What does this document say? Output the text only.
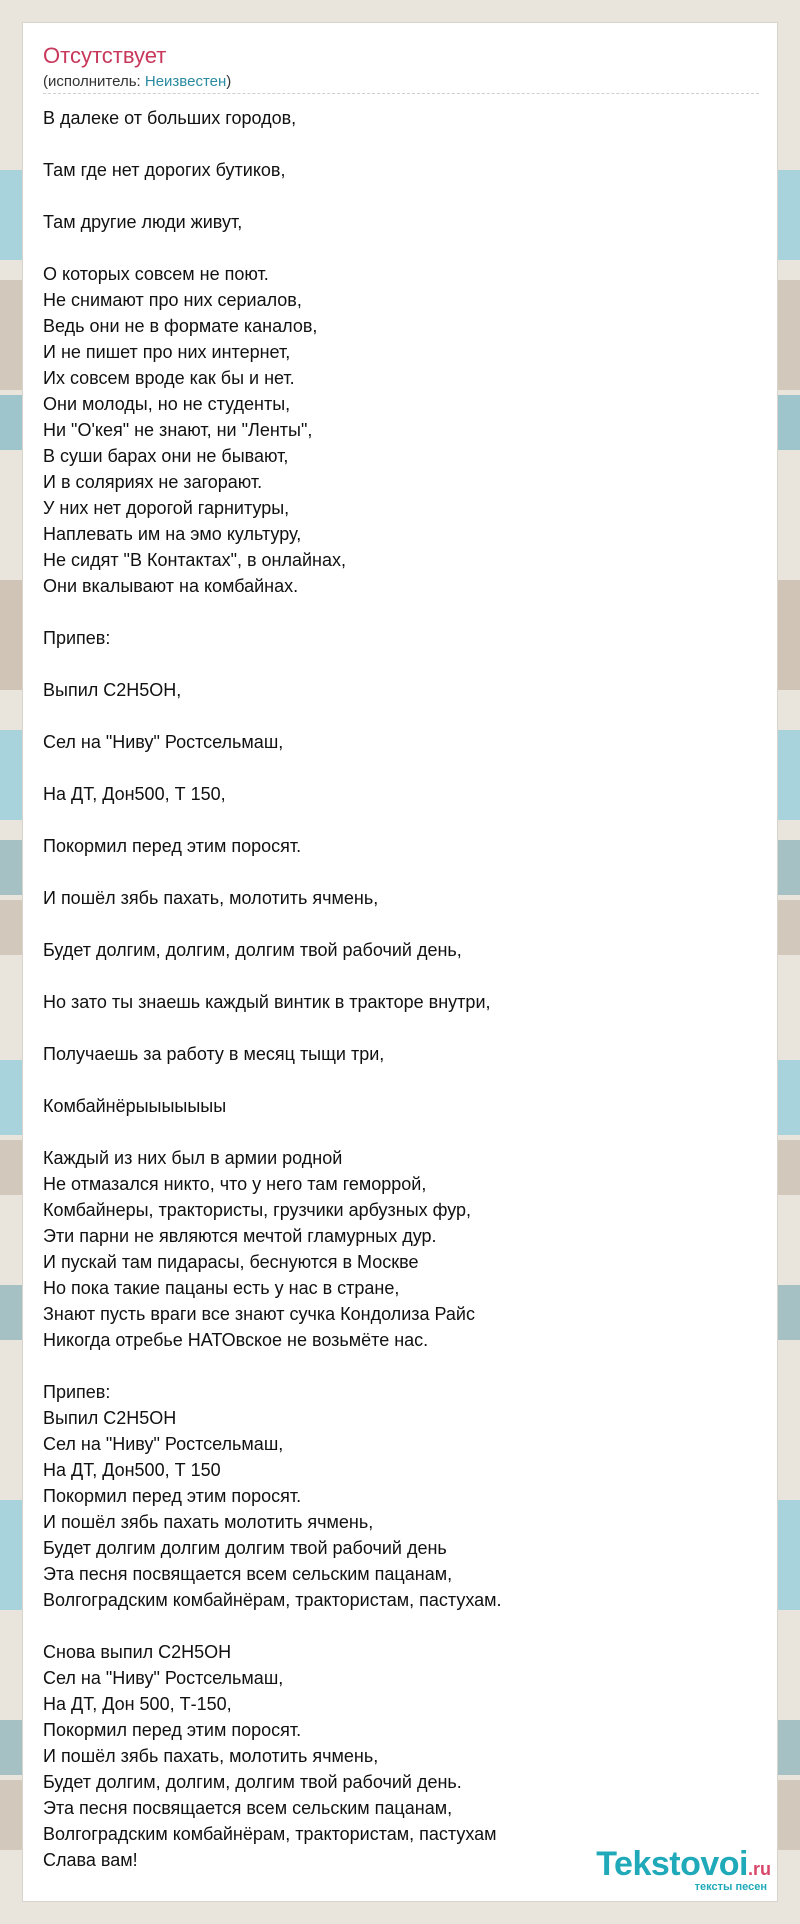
Отсутствует
(исполнитель: Неизвестен)
В далеке от больших городов,
Там где нет дорогих бутиков,
Там другие люди живут,
О которых совсем не поют.
Не снимают про них сериалов,
Ведь они не в формате каналов,
И не пишет про них интернет,
Их совсем вроде как бы и нет.
Они молоды, но не студенты,
Ни "О'кея" не знают, ни "Ленты",
В суши барах они не бывают,
И в соляриях не загорают.
У них нет дорогой гарнитуры,
Наплевать им на эмо культуру,
Не сидят "В Контактах", в онлайнах,
Они вкалывают на комбайнах.
Припев:
Выпил C2H5OH,
Сел на "Ниву" Ростсельмаш,
На ДТ, Дон500, Т 150,
Покормил перед этим поросят.
И пошёл зябь пахать, молотить ячмень,
Будет долгим, долгим, долгим твой рабочий день,
Но зато ты знаешь каждый винтик в тракторе внутри,
Получаешь за работу в месяц тыщи три,
Комбайнёрыыыыыыы
Каждый из них был в армии родной
Не отмазался никто, что у него там геморрой,
Комбайнеры, трактористы, грузчики арбузных фур,
Эти парни не являются мечтой гламурных дур.
И пускай там пидарасы, беснуются в Москве
Но пока такие пацаны есть у нас в стране,
Знают пусть враги все знают сучка Кондолиза Райс
Никогда отребье НАТОвское не возьмёте нас.
Припев:
Выпил C2H5OH
Сел на "Ниву" Ростсельмаш,
На ДТ, Дон500, Т 150
Покормил перед этим поросят.
И пошёл зябь пахать молотить ячмень,
Будет долгим долгим долгим твой рабочий день
Эта песня посвящается всем сельским пацанам,
Волгоградским комбайнёрам, трактористам, пастухам.
Снова выпил C2H5OH
Сел на "Ниву" Ростсельмаш,
На ДТ, Дон 500, Т-150,
Покормил перед этим поросят.
И пошёл зябь пахать, молотить ячмень,
Будет долгим, долгим, долгим твой рабочий день.
Эта песня посвящается всем сельским пацанам,
Волгоградским комбайнёрам, трактористам, пастухам
Слава вам!	Tekstovoi.ru
тексты песен
